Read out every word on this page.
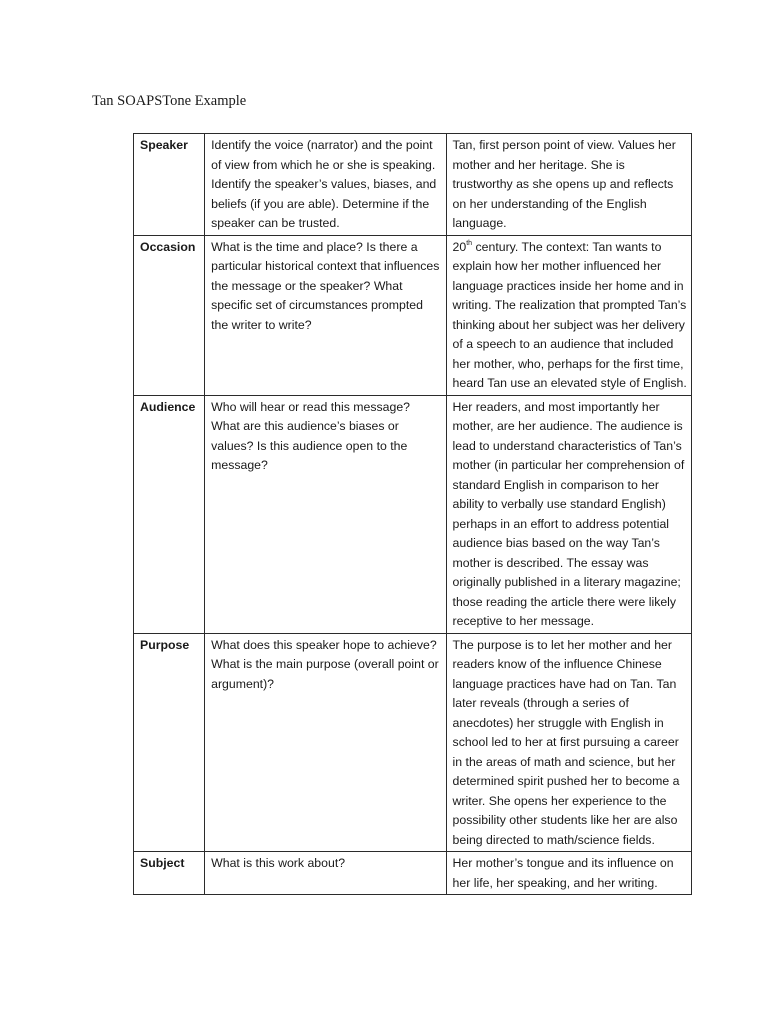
Tan SOAPSTone Example
Speaker	Identify the voice (narrator) and the point of view from which he or she is speaking. Identify the speaker’s values, biases, and beliefs (if you are able). Determine if the speaker can be trusted.	Tan, first person point of view. Values her mother and her heritage. She is trustworthy as she opens up and reflects on her understanding of the English language.
Occasion	What is the time and place? Is there a particular historical context that influences the message or the speaker? What specific set of circumstances prompted the writer to write?	20th century. The context: Tan wants to explain how her mother influenced her language practices inside her home and in writing. The realization that prompted Tan’s thinking about her subject was her delivery of a speech to an audience that included her mother, who, perhaps for the first time, heard Tan use an elevated style of English.
Audience	Who will hear or read this message? What are this audience’s biases or values? Is this audience open to the message?	Her readers, and most importantly her mother, are her audience. The audience is lead to understand characteristics of Tan’s mother (in particular her comprehension of standard English in comparison to her ability to verbally use standard English) perhaps in an effort to address potential audience bias based on the way Tan’s mother is described. The essay was originally published in a literary magazine; those reading the article there were likely receptive to her message.
Purpose	What does this speaker hope to achieve? What is the main purpose (overall point or argument)?	The purpose is to let her mother and her readers know of the influence Chinese language practices have had on Tan. Tan later reveals (through a series of anecdotes) her struggle with English in school led to her at first pursuing a career in the areas of math and science, but her determined spirit pushed her to become a writer. She opens her experience to the possibility other students like her are also being directed to math/science fields.
Subject	What is this work about?	Her mother’s tongue and its influence on her life, her speaking, and her writing.
